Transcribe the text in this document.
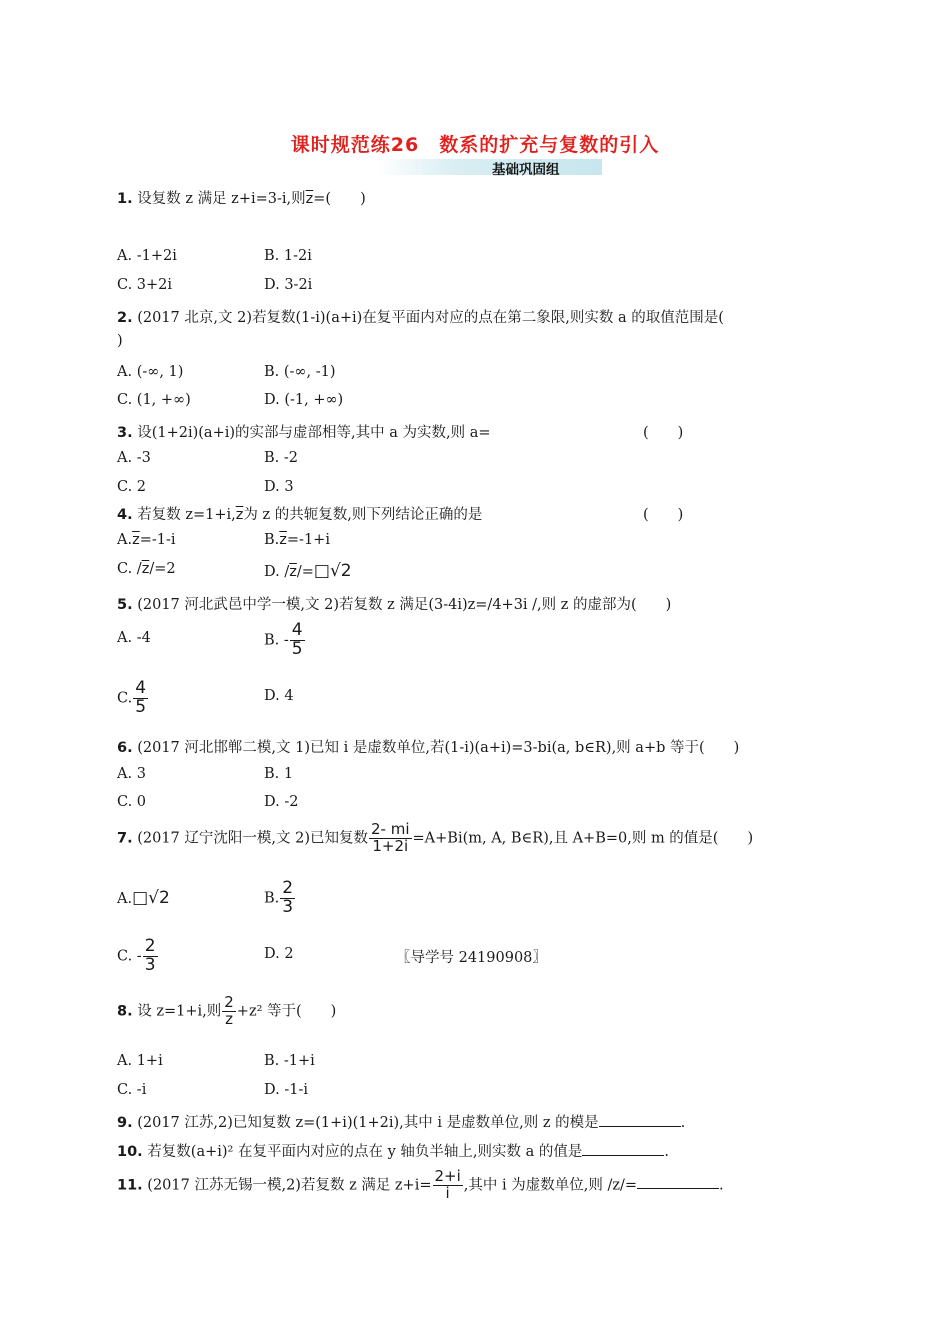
课时规范练26　数系的扩充与复数的引入
基础巩固组
1. 设复数 z 满足 z+i=3-i,则$\overline{z}=$(　　)
A. -1+2i	B. 1-2i
C. 3+2i	D. 3-2i
2. (2017 北京,文 2)若复数(1-i)(a+i)在复平面内对应的点在第二象限,则实数 a 的取值范围是(
)
A. (-∞, 1)	B. (-∞, -1)
C. (1, +∞)	D. (-1, +∞)
3. 设(1+2i)(a+i)的实部与虚部相等,其中 a 为实数,则 a=	(　　)
A. -3	B. -2
C. 2	D. 3
4. 若复数 $z=1+i,\overline{z}$为 z 的共轭复数,则下列结论正确的是	(　　)
$A.\overline{z}=-1-i$	$B.\overline{z}=-1+i$
C. $/\overline{z}/=2$	D. $/\overline{z}/=□√2$
5. (2017 河北武邑中学一模,文 2)若复数 z 满足(3-4i)z=/4+3i /,则 z 的虚部为(　　)
A. -4	B. - $\frac{4}{5}$
C. $\frac{4}{5}$	D. 4
6. (2017 河北邯郸二模,文 1)已知 i 是虚数单位,若(1-i)(a+i)=3-bi(a, b∈R),则 a+b 等于(　　)
A. 3	B. 1
C. 0	D. -2
7. (2017 辽宁沈阳一模,文 2)已知复数 $\frac{2- mi}{1+2i} =A+Bi(m$, A, B∈R),且 A+B=0,则 m 的值是(　　)
A.□√2	B. $\frac{2}{3}$
C. - $\frac{2}{3}$	D. 2	〖导学号 24190908〗
8. 设 z=1+i,则 $\frac{2}{z} +z^2$ 等于(　　)
A. 1+i	B. -1+i
C. -i	D. -1-i
9. (2017 江苏,2)已知复数 z=(1+i)(1+2i),其中 i 是虚数单位,则 z 的模是	.
10. 若复数(a+i)² 在复平面内对应的点在 y 轴负半轴上,则实数 a 的值是	.
11. (2017 江苏无锡一模,2)若复数 z 满足 $z+i= \frac{2+i}{i}$ ,其中 i 为虚数单位,则 /z/=	.
